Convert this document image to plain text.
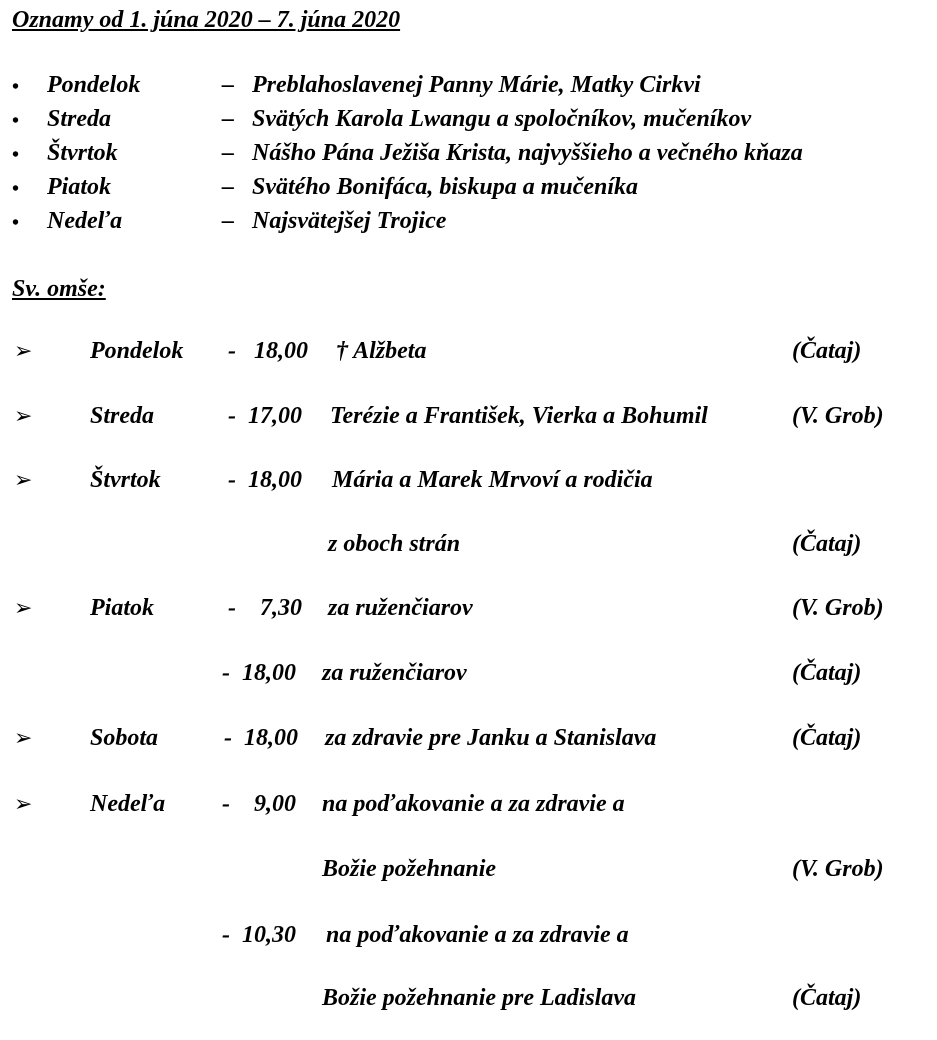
Oznamy od 1. júna 2020 – 7. júna 2020
• Pondelok	– Preblahoslavenej Panny Márie, Matky Cirkvi
• Streda	– Svätých Karola Lwangu a spoločníkov, mučeníkov
• Štvrtok	– Nášho Pána Ježiša Krista, najvyššieho a večného kňaza
• Piatok	– Svätého Bonifáca, biskupa a mučeníka
• Nedeľa	– Najsvätejšej Trojice
Sv. omše:
➢ Pondelok -   18,00 † Alžbeta	(Čataj)
➢ Streda	-  17,00 Terézie a František, Vierka a Bohumil	(V. Grob)
➢ Štvrtok	-  18,00 Mária a Marek Mrvoví a rodičia
z oboch strán	(Čataj)
➢ Piatok	-    7,30 za ruženčiarov	(V. Grob)
-  18,00 za ruženčiarov	(Čataj)
➢ Sobota	-  18,00 za zdravie pre Janku a Stanislava	(Čataj)
➢ Nedeľa -    9,00 na poďakovanie a za zdravie a
Božie požehnanie	(V. Grob)
-  10,30 na poďakovanie a za zdravie a
Božie požehnanie pre Ladislava	(Čataj)
